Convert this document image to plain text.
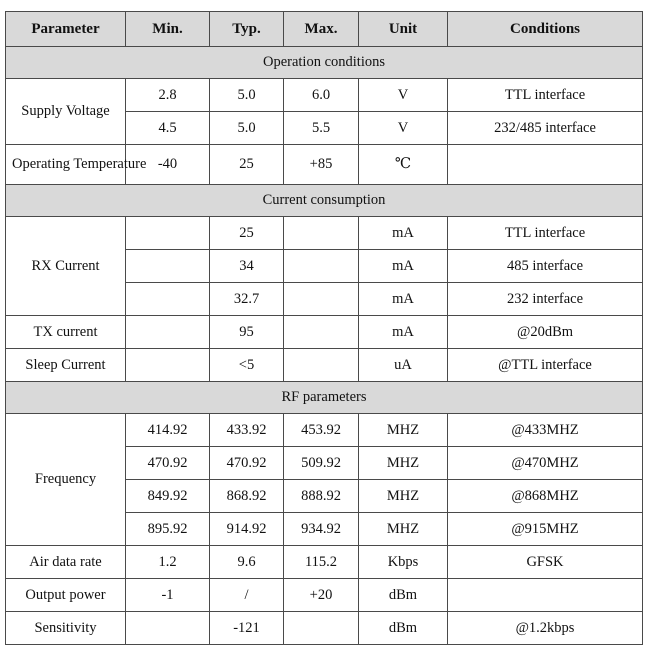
Parameter	Min.	Typ.	Max.	Unit	Conditions
Operation conditions					
Supply Voltage	2.8	5.0	6.0	V	TTL interface
	4.5	5.0	5.5	V	232/485 interface
Operating Temperature	-40	25	+85	℃	
Current consumption					
RX Current		25		mA	TTL interface
		34		mA	485 interface
		32.7		mA	232 interface
TX current		95		mA	@20dBm
Sleep Current		<5		uA	@TTL interface
RF parameters					
Frequency	414.92	433.92	453.92	MHZ	@433MHZ
	470.92	470.92	509.92	MHZ	@470MHZ
	849.92	868.92	888.92	MHZ	@868MHZ
	895.92	914.92	934.92	MHZ	@915MHZ
Air data rate	1.2	9.6	115.2	Kbps	GFSK
Output power	-1	/	+20	dBm	
Sensitivity		-121		dBm	@1.2kbps
